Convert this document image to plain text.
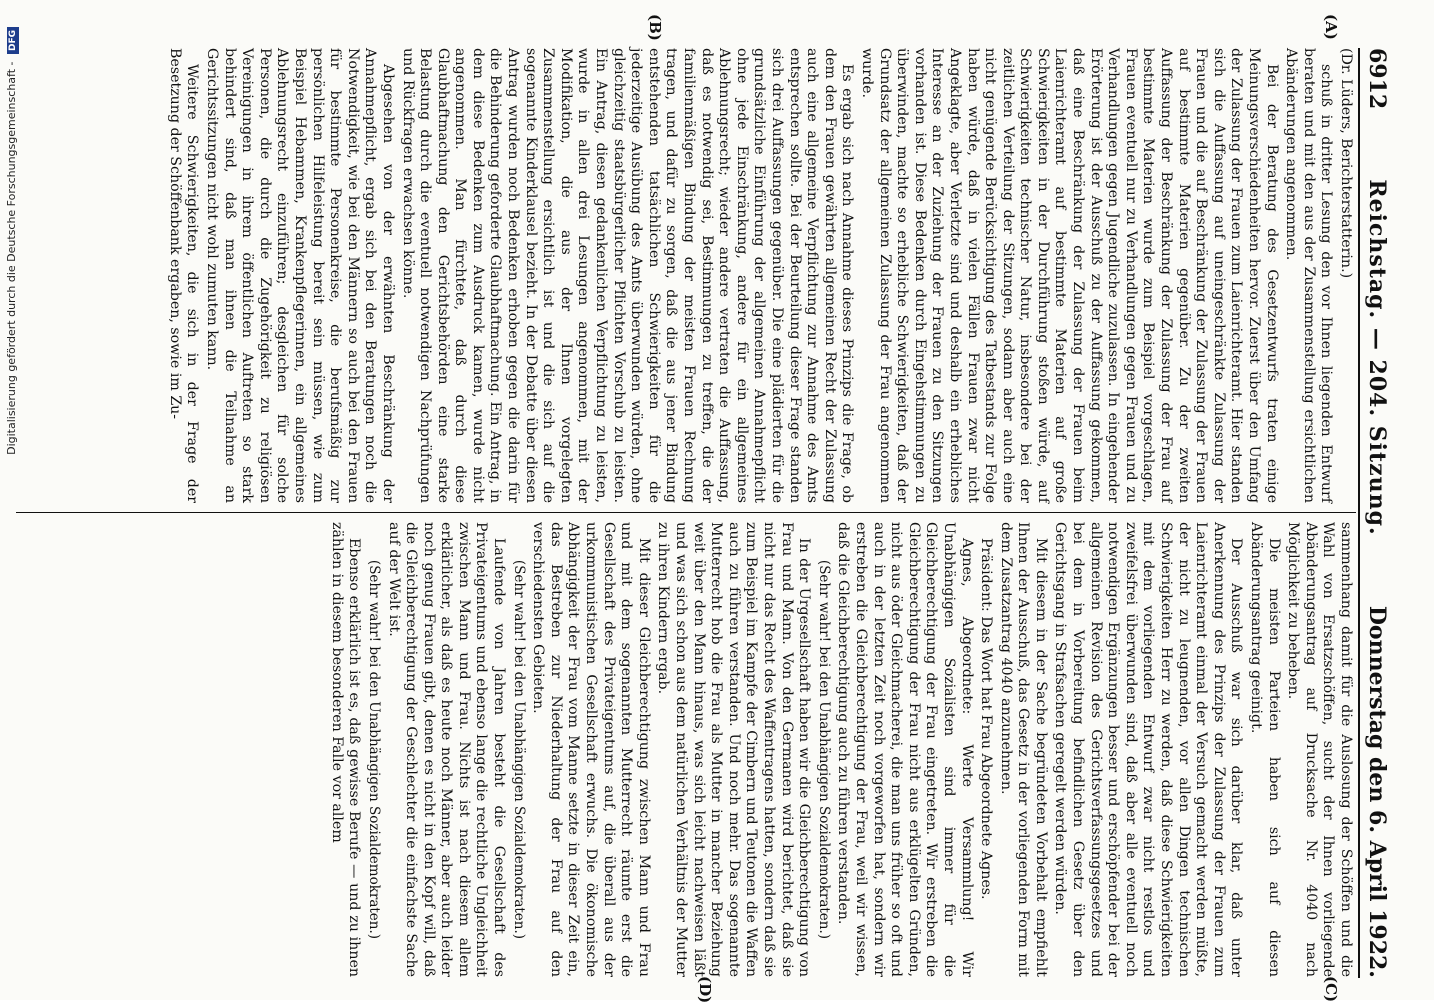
6912
Reichstag. — 204. Sitzung.
Donnerstag den 6. April 1922.
(A)
(B)
(C)
(D)

(Dr. Lüders, Berichterstatterin.)

schuß in dritter Lesung den vor Ihnen liegenden Entwurf beraten und mit den aus der Zusammenstellung ersichtlichen Abänderungen angenommen.

Bei der Beratung des Gesetzentwurfs traten einige Meinungsverschiedenheiten hervor. Zuerst über den Umfang der Zulassung der Frauen zum Laienrichteramt. Hier standen sich die Auffassung auf uneingeschränkte Zulassung der Frauen und die auf Beschränkung der Zulassung der Frauen auf bestimmte Materien gegenüber. Zu der zweiten Auffassung der Beschränkung der Zulassung der Frau auf bestimmte Materien wurde zum Beispiel vorgeschlagen, Frauen eventuell nur zu Verhandlungen gegen Frauen und zu Verhandlungen gegen Jugendliche zuzulassen. In eingehender Erörterung ist der Ausschuß zu der Auffassung gekommen, daß eine Beschränkung der Zulassung der Frauen beim Laienrichteramt auf bestimmte Materien auf große Schwierigkeiten in der Durchführung stoßen würde, auf Schwierigkeiten technischer Natur, insbesondere bei der zeitlichen Verteilung der Sitzungen, sodann aber auch eine nicht genügende Berücksichtigung des Tatbestands zur Folge haben würde, daß in vielen Fällen Frauen zwar nicht Angeklagte, aber Verletzte sind und deshalb ein erhebliches Interesse an der Zuziehung der Frauen zu den Sitzungen vorhanden ist. Diese Bedenken durch Eingehstimmungen zu überwinden, machte so erhebliche Schwierigkeiten, daß der Grundsatz der allgemeinen Zulassung der Frau angenommen wurde.

Es ergab sich nach Annahme dieses Prinzips die Frage, ob dem den Frauen gewährten allgemeinen Recht der Zulassung auch eine allgemeine Verpflichtung zur Annahme des Amts entsprechen sollte. Bei der Beurteilung dieser Frage standen sich drei Auffassungen gegenüber. Die eine plädierten für die grundsätzliche Einführung der allgemeinen Annahmepflicht ohne jede Einschränkung, andere für ein allgemeines Ablehnungsrecht; wieder andere vertraten die Auffassung, daß es notwendig sei, Bestimmungen zu treffen, die der familienmäßigen Bindung der meisten Frauen Rechnung tragen, und dafür zu sorgen, daß die aus jener Bindung entstehenden tatsächlichen Schwierigkeiten für die jederzeitige Ausübung des Amts überwunden würden, ohne gleichzeitig staatsbürgerlicher Pflichten Vorschub zu leisten. Ein Antrag, diesen gedankenlichen Verpflichtung zu leisten, wurde in allen drei Lesungen angenommen, mit der Modifikation, die aus der Ihnen vorgelegten Zusammenstellung ersichtlich ist und die sich auf die sogenannte Kinderklausel bezieht. In der Debatte über diesen Antrag wurden noch Bedenken erhoben gegen die darin für die Behinderung geforderte Glaubhaftmachung. Ein Antrag, in dem diese Bedenken zum Ausdruck kamen, wurde nicht angenommen. Man fürchtete, daß durch diese Glaubhaftmachung den Gerichtsbehörden eine starke Belastung durch die eventuell notwendigen Nachprüfungen und Rückfragen erwachsen könne.

Abgesehen von der erwähnten Beschränkung der Annahmepflicht, ergab sich bei den Beratungen noch die Notwendigkeit, wie bei den Männern so auch bei den Frauen für bestimmte Personenkreise, die berufsmäßig zur persönlichen Hilfeleistung bereit sein müssen, wie zum Beispiel Hebammen, Krankenpflegerinnen, ein allgemeines Ablehnungsrecht einzuführen; desgleichen für solche Personen, die durch die Zugehörigkeit zu religiösen Vereinigungen in ihrem öffentlichen Auftreten so stark behindert sind, daß man ihnen die Teilnahme an Gerichtssitzungen nicht wohl zumuten kann.

Weitere Schwierigkeiten, die sich in der Frage der Besetzung der Schöffenbank ergaben, sowie im Zu-

sammenhang damit für die Auslosung der Schöffen und die Wahl von Ersatzschöffen, sucht der Ihnen vorliegende Abänderungsantrag auf Drucksache Nr. 4040 nach Möglichkeit zu beheben.

Die meisten Parteien haben sich auf diesen Abänderungsantrag geeinigt.

Der Ausschuß war sich darüber klar, daß unter Anerkennung des Prinzips der Zulassung der Frauen zum Laienrichteramt einmal der Versuch gemacht werden müßte, der nicht zu leugnenden, vor allen Dingen technischen Schwierigkeiten Herr zu werden, daß diese Schwierigkeiten mit dem vorliegenden Entwurf zwar nicht restlos und zweifelsfrei überwunden sind, daß aber alle eventuell noch notwendigen Ergänzungen besser und erschöpfender bei der allgemeinen Revision des Gerichtsverfassungsgesetzes und bei dem in Vorbereitung befindlichen Gesetz über den Gerichtsgang in Strafsachen geregelt werden würden.

Mit diesem in der Sache begründeten Vorbehalt empfiehlt Ihnen der Ausschuß, das Gesetz in der vorliegenden Form mit dem Zusatzantrag 4040 anzunehmen.

Präsident: Das Wort hat Frau Abgeordnete Agnes.

Agnes, Abgeordnete: Werte Versammlung! Wir Unabhängigen Sozialisten sind immer für die Gleichberechtigung der Frau eingetreten. Wir erstreben die Gleichberechtigung der Frau nicht aus erklügelten Gründen, nicht aus öder Gleichmacherei, die man uns früher so oft und auch in der letzten Zeit noch vorgeworfen hat, sondern wir erstreben die Gleichberechtigung der Frau, weil wir wissen, daß die Gleichberechtigung auch zu führen verstanden.

(Sehr wahr! bei den Unabhängigen Sozialdemokraten.)

In der Urgesellschaft haben wir die Gleichberechtigung von Frau und Mann. Von den Germanen wird berichtet, daß sie nicht nur das Recht des Waffentragens hatten, sondern daß sie zum Beispiel im Kampfe der Cimbern und Teutonen die Waffen auch zu führen verstanden. Und noch mehr. Das sogenannte Mutterrecht hob die Frau als Mutter in mancher Beziehung weit über den Mann hinaus, was sich leicht nachweisen läßt und was sich schon aus dem natürlichen Verhältnis der Mutter zu ihren Kindern ergab.

Mit dieser Gleichberechtigung zwischen Mann und Frau und mit dem sogenannten Mutterrecht räumte erst die Gesellschaft des Privateigentums auf, die überall aus der urkommunistischen Gesellschaft erwuchs. Die ökonomische Abhängigkeit der Frau vom Manne setzte in dieser Zeit ein, das Bestreben zur Niederhaltung der Frau auf den verschiedensten Gebieten.

(Sehr wahr! bei den Unabhängigen Sozialdemokraten.)

Laufende von Jahren besteht die Gesellschaft des Privateigentums und ebenso lange die rechtliche Ungleichheit zwischen Mann und Frau. Nichts ist nach diesem allem erklärlicher, als daß es heute noch Männer, aber auch leider noch genug Frauen gibt, denen es nicht in den Kopf will, daß die Gleichberechtigung der Geschlechter die einfachste Sache auf der Welt ist.

(Sehr wahr! bei den Unabhängigen Sozialdemokraten.)

Ebenso erklärlich ist es, daß gewisse Berufe — und zu ihnen zählen in diesem besonderen Falle vor allem

Digitalisierung gefördert durch die Deutsche Forschungsgemeinschaft - DFG
